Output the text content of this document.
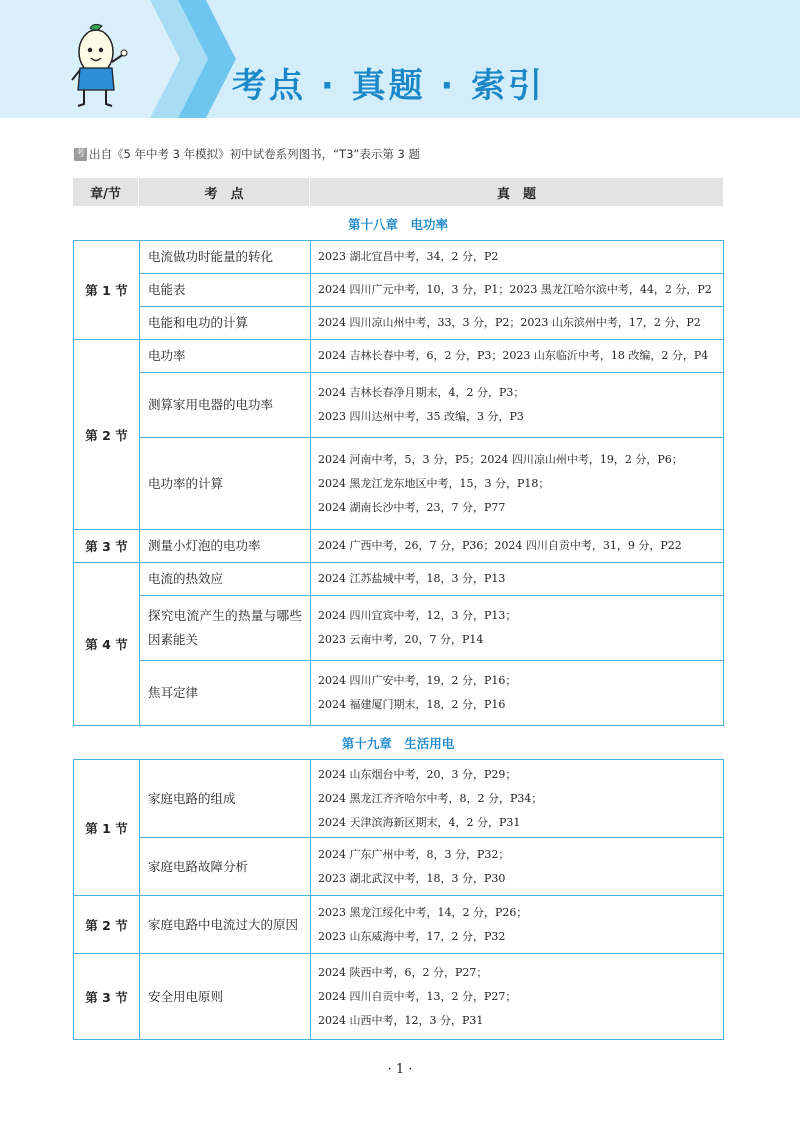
考点 · 真题 · 索引
考 出自《5 年中考 3 年模拟》初中试卷系列图书，“T3”表示第 3 题
章/节	考　点	真　题
第十八章　电功率
第 1 节	电流做功时能量的转化	2023 湖北宜昌中考，34，2 分，P2

	电能表	2024 四川广元中考，10，3 分，P1；2023 黑龙江哈尔滨中考，44，2 分，P2

	电能和电功的计算	2024 四川凉山州中考，33，3 分，P2；2023 山东滨州中考，17，2 分，P2

第 2 节	电功率	2024 吉林长春中考，6，2 分，P3；2023 山东临沂中考，18 改编，2 分，P4

	测算家用电器的电功率	2024 吉林长春净月期末，4，2 分，P3；
2023 四川达州中考，35 改编，3 分，P3

	电功率的计算	2024 河南中考，5，3 分，P5；2024 四川凉山州中考，19，2 分，P6；
2024 黑龙江龙东地区中考，15，3 分，P18；
2024 湖南长沙中考，23，7 分，P77

第 3 节	测量小灯泡的电功率	2024 广西中考，26，7 分，P36；2024 四川自贡中考，31，9 分，P22

第 4 节	电流的热效应	2024 江苏盐城中考，18，3 分，P13

	探究电流产生的热量与哪些因素能关	2024 四川宜宾中考，12，3 分，P13；
2023 云南中考，20，7 分，P14

	焦耳定律	2024 四川广安中考，19，2 分，P16；
2024 福建厦门期末，18，2 分，P16
第十九章　生活用电
第 1 节	家庭电路的组成	2024 山东烟台中考，20，3 分，P29；
2024 黑龙江齐齐哈尔中考，8，2 分，P34；
2024 天津滨海新区期末，4，2 分，P31

	家庭电路故障分析	2024 广东广州中考，8，3 分，P32；
2023 湖北武汉中考，18，3 分，P30

第 2 节	家庭电路中电流过大的原因	2023 黑龙江绥化中考，14，2 分，P26；
2023 山东威海中考，17，2 分，P32

第 3 节	安全用电原则	2024 陕西中考，6，2 分，P27；
2024 四川自贡中考，13，2 分，P27；
2024 山西中考，12，3 分，P31
· 1 ·
